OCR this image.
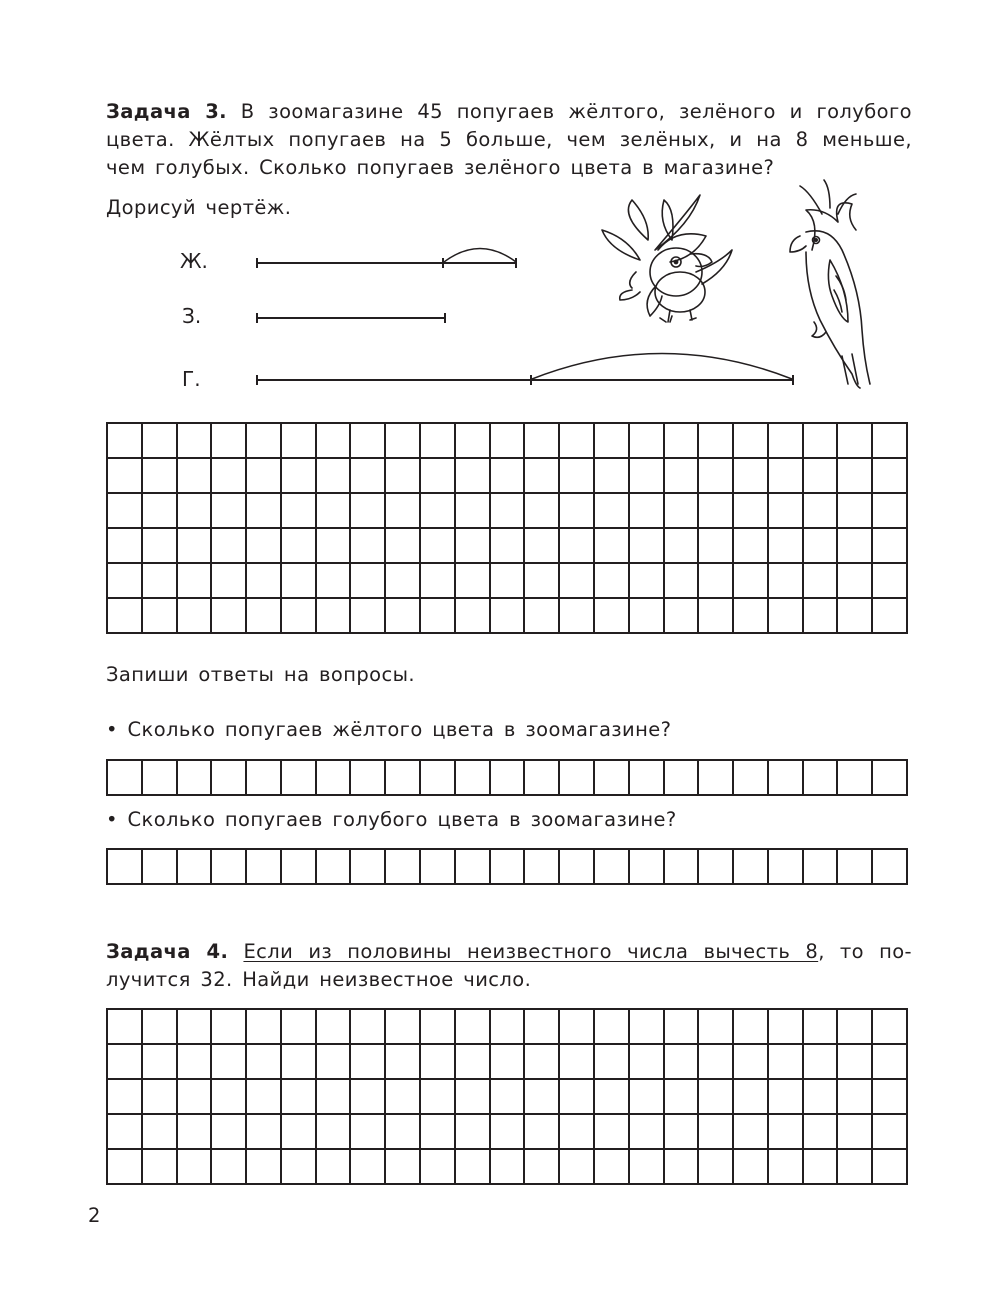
Задача 3. В зоомагазине 45 попугаев жёлтого, зелёного и голубого
цвета. Жёлтых попугаев на 5 больше, чем зелёных, и на 8 меньше,
чем голубых. Сколько попугаев зелёного цвета в магазине?
Дорисуй чертёж.
Ж.
З.
Г.
Запиши ответы на вопросы.
• Сколько попугаев жёлтого цвета в зоомагазине?
• Сколько попугаев голубого цвета в зоомагазине?
Задача 4. Если из половины неизвестного числа вычесть 8, то по-
лучится 32. Найди неизвестное число.
2
